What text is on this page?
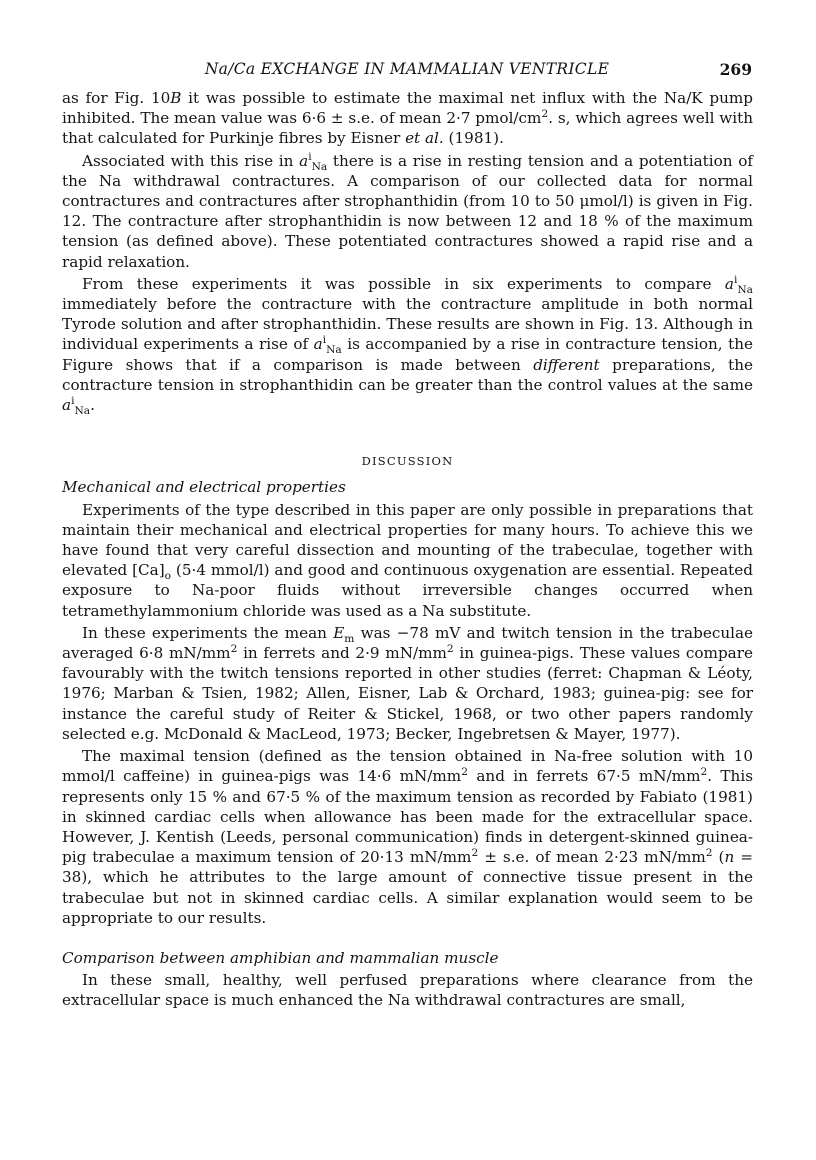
Na/Ca EXCHANGE IN MAMMALIAN VENTRICLE	269

as for Fig. 10B it was possible to estimate the maximal net influx with the Na/K pump inhibited. The mean value was 6·6 ± s.e. of mean 2·7 pmol/$cm^2$. s, which agrees well with that calculated for Purkinje fibres by Eisner et al. (1981).

Associated with this rise in $a^i_{Na}$ there is a rise in resting tension and a potentiation of the Na withdrawal contractures. A comparison of our collected data for normal contractures and contractures after strophanthidin (from 10 to 50 μmol/l) is given in Fig. 12. The contracture after strophanthidin is now between 12 and 18 % of the maximum tension (as defined above). These potentiated contractures showed a rapid rise and a rapid relaxation.

From these experiments it was possible in six experiments to compare $a^i_{Na}$ immediately before the contracture with the contracture amplitude in both normal Tyrode solution and after strophanthidin. These results are shown in Fig. 13. Although in individual experiments a rise of $a^i_{Na}$ is accompanied by a rise in contracture tension, the Figure shows that if a comparison is made between different preparations, the contracture tension in strophanthidin can be greater than the control values at the same $a^i_{Na}$.

DISCUSSION

Mechanical and electrical properties

Experiments of the type described in this paper are only possible in preparations that maintain their mechanical and electrical properties for many hours. To achieve this we have found that very careful dissection and mounting of the trabeculae, together with elevated $[Ca]_o$ (5·4 mmol/l) and good and continuous oxygenation are essential. Repeated exposure to Na-poor fluids without irreversible changes occurred when tetramethylammonium chloride was used as a Na substitute.

In these experiments the mean $E_m$ was −78 mV and twitch tension in the trabeculae averaged 6·8 $mN/mm^2$ in ferrets and 2·9 $mN/mm^2$ in guinea-pigs. These values compare favourably with the twitch tensions reported in other studies (ferret: Chapman & Léoty, 1976; Marban & Tsien, 1982; Allen, Eisner, Lab & Orchard, 1983; guinea-pig: see for instance the careful study of Reiter & Stickel, 1968, or two other papers randomly selected e.g. McDonald & MacLeod, 1973; Becker, Ingebretsen & Mayer, 1977).

The maximal tension (defined as the tension obtained in Na-free solution with 10 mmol/l caffeine) in guinea-pigs was 14·6 $mN/mm^2$ and in ferrets 67·5 $mN/mm^2$. This represents only 15 % and 67·5 % of the maximum tension as recorded by Fabiato (1981) in skinned cardiac cells when allowance has been made for the extracellular space. However, J. Kentish (Leeds, personal communication) finds in detergent-skinned guinea-pig trabeculae a maximum tension of 20·13 $mN/mm^2 \pm s.e$. of mean 2·23 $mN/mm^2$ (n = 38), which he attributes to the large amount of connective tissue present in the trabeculae but not in skinned cardiac cells. A similar explanation would seem to be appropriate to our results.

Comparison between amphibian and mammalian muscle

In these small, healthy, well perfused preparations where clearance from the extracellular space is much enhanced the Na withdrawal contractures are small,
